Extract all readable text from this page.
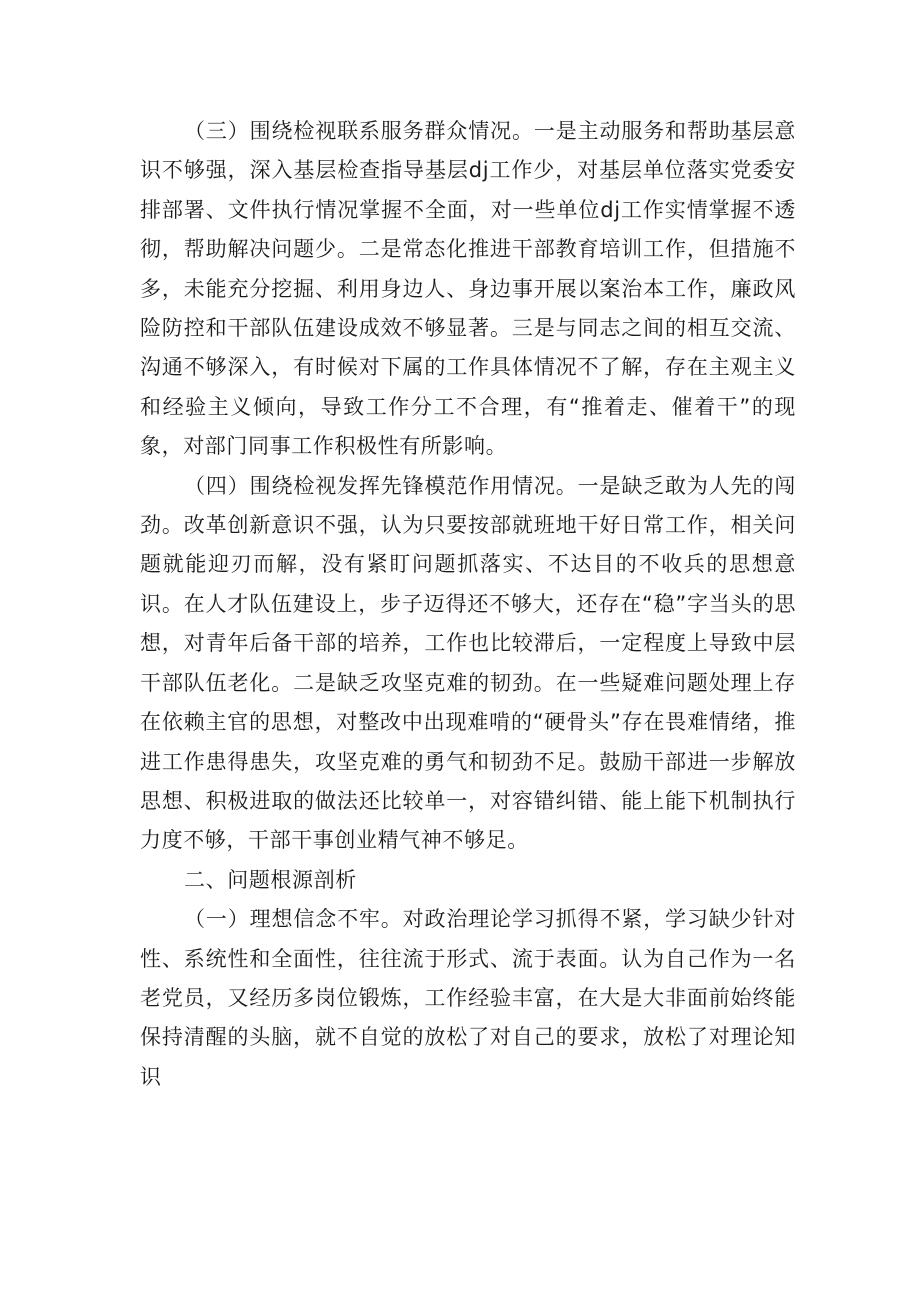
（三）围绕检视联系服务群众情况。一是主动服务和帮助基层意识不够强，深入基层检查指导基层dj工作少，对基层单位落实党委安排部署、文件执行情况掌握不全面，对一些单位dj工作实情掌握不透彻，帮助解决问题少。二是常态化推进干部教育培训工作，但措施不多，未能充分挖掘、利用身边人、身边事开展以案治本工作，廉政风险防控和干部队伍建设成效不够显著。三是与同志之间的相互交流、沟通不够深入，有时候对下属的工作具体情况不了解，存在主观主义和经验主义倾向，导致工作分工不合理，有“推着走、催着干”的现象，对部门同事工作积极性有所影响。

（四）围绕检视发挥先锋模范作用情况。一是缺乏敢为人先的闯劲。改革创新意识不强，认为只要按部就班地干好日常工作，相关问题就能迎刃而解，没有紧盯问题抓落实、不达目的不收兵的思想意识。在人才队伍建设上，步子迈得还不够大，还存在“稳”字当头的思想，对青年后备干部的培养，工作也比较滞后，一定程度上导致中层干部队伍老化。二是缺乏攻坚克难的韧劲。在一些疑难问题处理上存在依赖主官的思想，对整改中出现难啃的“硬骨头”存在畏难情绪，推进工作患得患失，攻坚克难的勇气和韧劲不足。鼓励干部进一步解放思想、积极进取的做法还比较单一，对容错纠错、能上能下机制执行力度不够，干部干事创业精气神不够足。

二、问题根源剖析

（一）理想信念不牢。对政治理论学习抓得不紧，学习缺少针对性、系统性和全面性，往往流于形式、流于表面。认为自己作为一名老党员，又经历多岗位锻炼，工作经验丰富，在大是大非面前始终能保持清醒的头脑，就不自觉的放松了对自己的要求，放松了对理论知识
